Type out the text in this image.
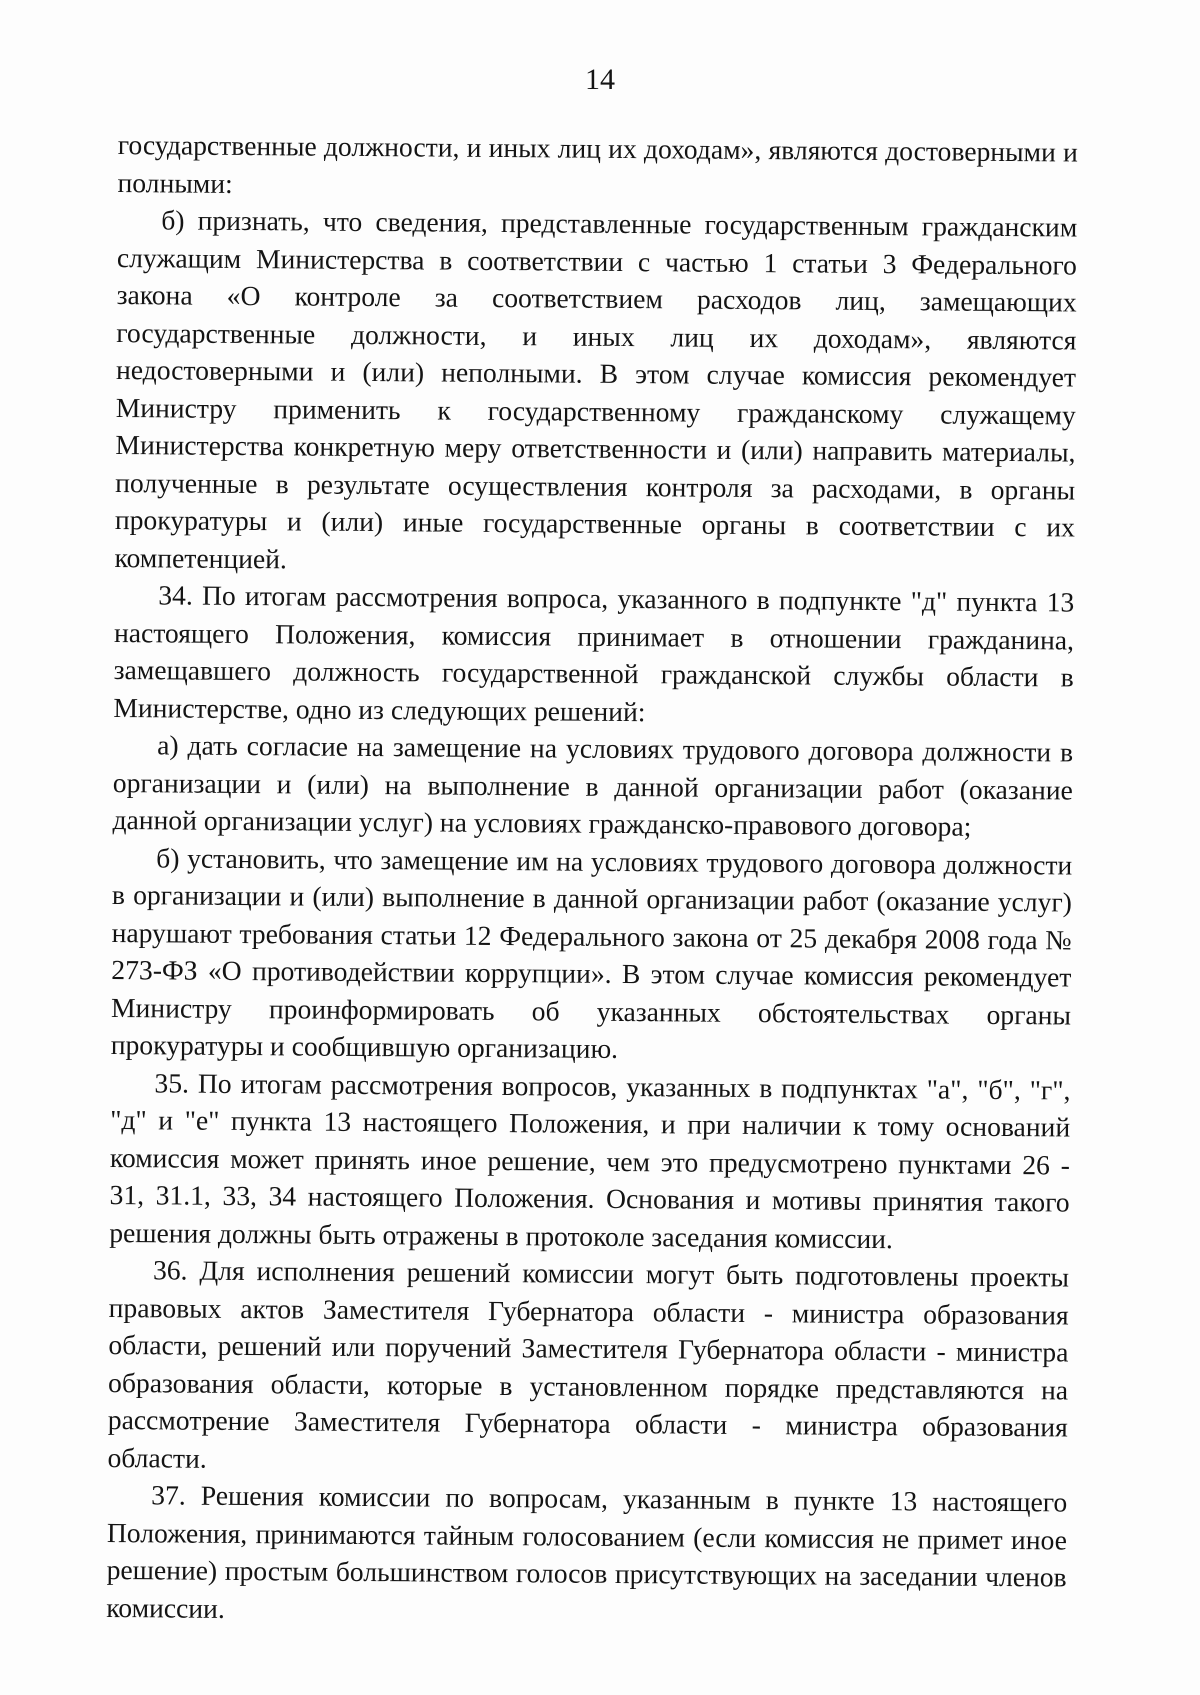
14

государственные должности, и иных лиц их доходам», являются достоверными и полными:

б) признать, что сведения, представленные государственным гражданским служащим Министерства в соответствии с частью 1 статьи 3 Федерального закона «О контроле за соответствием расходов лиц, замещающих государственные должности, и иных лиц их доходам», являются недостоверными и (или) неполными. В этом случае комиссия рекомендует Министру применить к государственному гражданскому служащему Министерства конкретную меру ответственности и (или) направить материалы, полученные в результате осуществления контроля за расходами, в органы прокуратуры и (или) иные государственные органы в соответствии с их компетенцией.

34. По итогам рассмотрения вопроса, указанного в подпункте "д" пункта 13 настоящего Положения, комиссия принимает в отношении гражданина, замещавшего должность государственной гражданской службы области в Министерстве, одно из следующих решений:

а) дать согласие на замещение на условиях трудового договора должности в организации и (или) на выполнение в данной организации работ (оказание данной организации услуг) на условиях гражданско-правового договора;

б) установить, что замещение им на условиях трудового договора должности в организации и (или) выполнение в данной организации работ (оказание услуг) нарушают требования статьи 12 Федерального закона от 25 декабря 2008 года № 273-ФЗ «О противодействии коррупции». В этом случае комиссия рекомендует Министру проинформировать об указанных обстоятельствах органы прокуратуры и сообщившую организацию.

35. По итогам рассмотрения вопросов, указанных в подпунктах "а", "б", "г", "д" и "е" пункта 13 настоящего Положения, и при наличии к тому оснований комиссия может принять иное решение, чем это предусмотрено пунктами 26 - 31, 31.1, 33, 34 настоящего Положения. Основания и мотивы принятия такого решения должны быть отражены в протоколе заседания комиссии.

36. Для исполнения решений комиссии могут быть подготовлены проекты правовых актов Заместителя Губернатора области - министра образования области, решений или поручений Заместителя Губернатора области - министра образования области, которые в установленном порядке представляются на рассмотрение Заместителя Губернатора области - министра образования области.

37. Решения комиссии по вопросам, указанным в пункте 13 настоящего Положения, принимаются тайным голосованием (если комиссия не примет иное решение) простым большинством голосов присутствующих на заседании членов комиссии.
